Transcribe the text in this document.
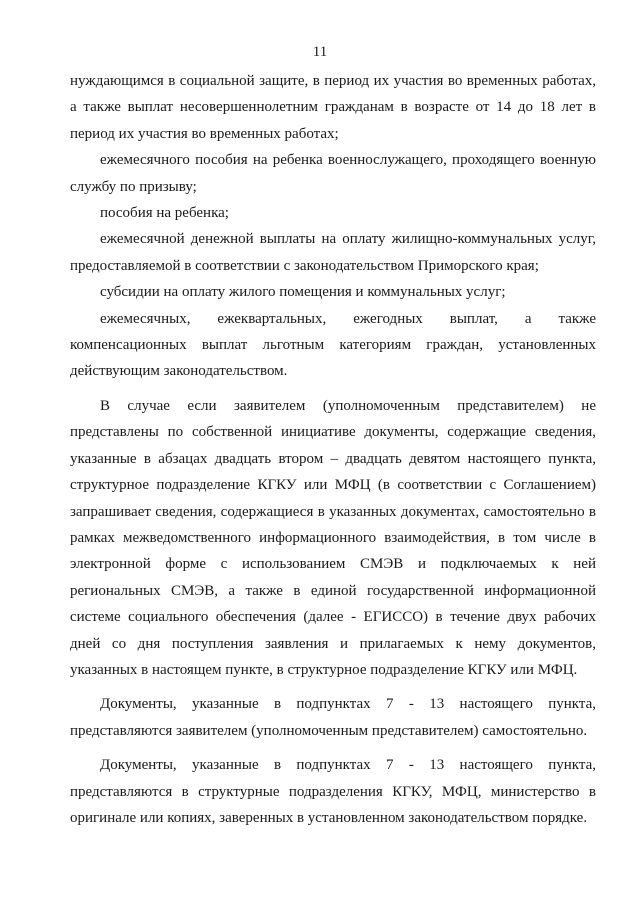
11

нуждающимся в социальной защите, в период их участия во временных работах, а также выплат несовершеннолетним гражданам в возрасте от 14 до 18 лет в период их участия во временных работах;

ежемесячного пособия на ребенка военнослужащего, проходящего военную службу по призыву;

пособия на ребенка;

ежемесячной денежной выплаты на оплату жилищно-коммунальных услуг, предоставляемой в соответствии с законодательством Приморского края;

субсидии на оплату жилого помещения и коммунальных услуг;

ежемесячных, ежеквартальных, ежегодных выплат, а также компенсационных выплат льготным категориям граждан, установленных действующим законодательством.

В случае если заявителем (уполномоченным представителем) не представлены по собственной инициативе документы, содержащие сведения, указанные в абзацах двадцать втором – двадцать девятом настоящего пункта, структурное подразделение КГКУ или МФЦ (в соответствии с Соглашением) запрашивает сведения, содержащиеся в указанных документах, самостоятельно в рамках межведомственного информационного взаимодействия, в том числе в электронной форме с использованием СМЭВ и подключаемых к ней региональных СМЭВ, а также в единой государственной информационной системе социального обеспечения (далее - ЕГИССО) в течение двух рабочих дней со дня поступления заявления и прилагаемых к нему документов, указанных в настоящем пункте, в структурное подразделение КГКУ или МФЦ.

Документы, указанные в подпунктах 7 - 13 настоящего пункта, представляются заявителем (уполномоченным представителем) самостоятельно.

Документы, указанные в подпунктах 7 - 13 настоящего пункта, представляются в структурные подразделения КГКУ, МФЦ, министерство в оригинале или копиях, заверенных в установленном законодательством порядке.
